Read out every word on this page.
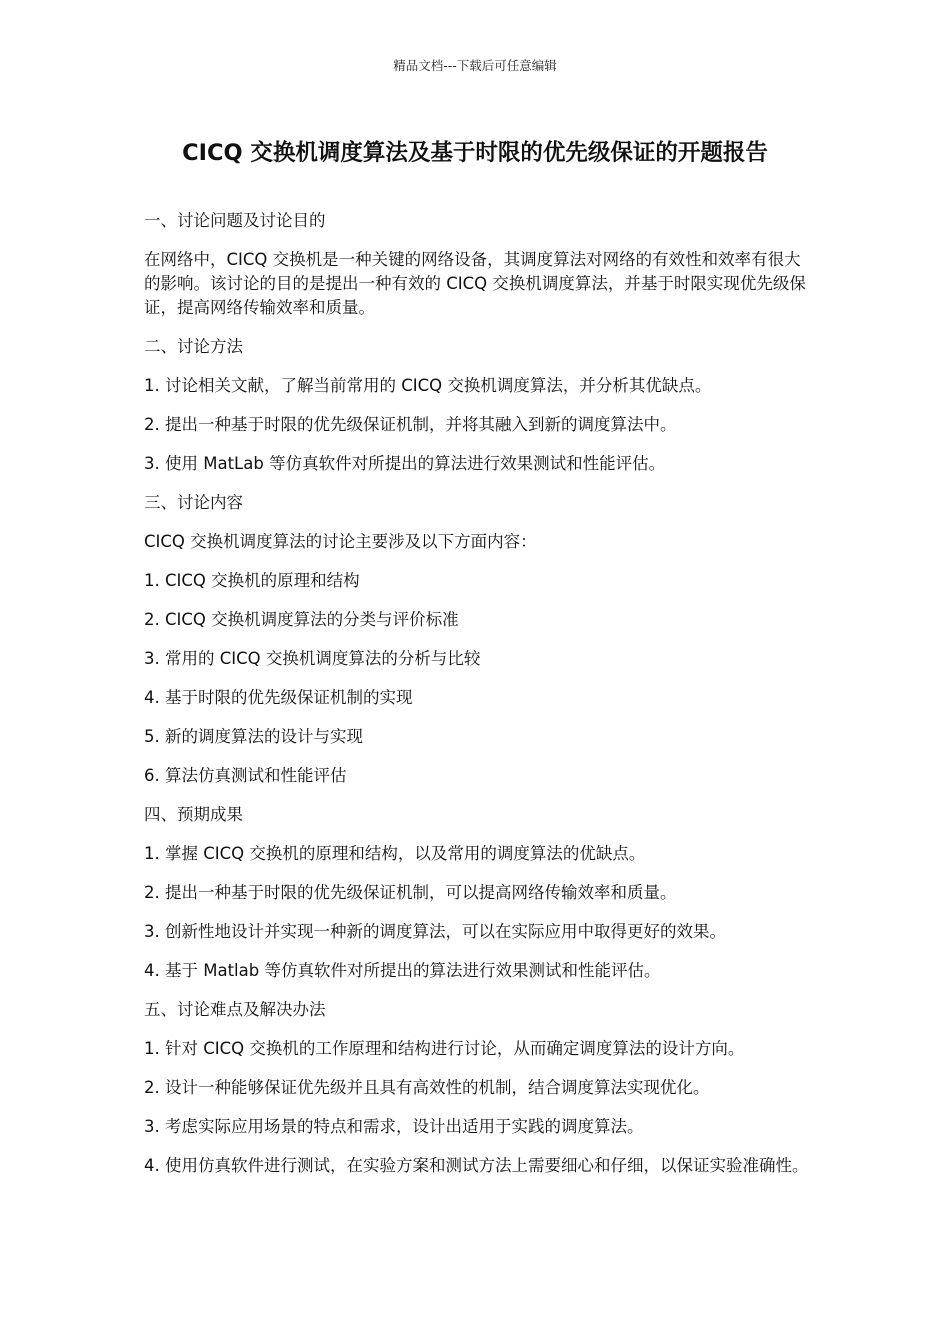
精品文档---下载后可任意编辑
CICQ 交换机调度算法及基于时限的优先级保证的开题报告

一、讨论问题及讨论目的

在网络中，CICQ 交换机是一种关键的网络设备，其调度算法对网络的有效性和效率有很大的影响。该讨论的目的是提出一种有效的 CICQ 交换机调度算法，并基于时限实现优先级保证，提高网络传输效率和质量。

二、讨论方法

1. 讨论相关文献，了解当前常用的 CICQ 交换机调度算法，并分析其优缺点。

2. 提出一种基于时限的优先级保证机制，并将其融入到新的调度算法中。

3. 使用 MatLab 等仿真软件对所提出的算法进行效果测试和性能评估。

三、讨论内容

CICQ 交换机调度算法的讨论主要涉及以下方面内容：

1. CICQ 交换机的原理和结构

2. CICQ 交换机调度算法的分类与评价标准

3. 常用的 CICQ 交换机调度算法的分析与比较

4. 基于时限的优先级保证机制的实现

5. 新的调度算法的设计与实现

6. 算法仿真测试和性能评估

四、预期成果

1. 掌握 CICQ 交换机的原理和结构，以及常用的调度算法的优缺点。

2. 提出一种基于时限的优先级保证机制，可以提高网络传输效率和质量。

3. 创新性地设计并实现一种新的调度算法，可以在实际应用中取得更好的效果。

4. 基于 Matlab 等仿真软件对所提出的算法进行效果测试和性能评估。

五、讨论难点及解决办法

1. 针对 CICQ 交换机的工作原理和结构进行讨论，从而确定调度算法的设计方向。

2. 设计一种能够保证优先级并且具有高效性的机制，结合调度算法实现优化。

3. 考虑实际应用场景的特点和需求，设计出适用于实践的调度算法。

4. 使用仿真软件进行测试，在实验方案和测试方法上需要细心和仔细，以保证实验准确性。
